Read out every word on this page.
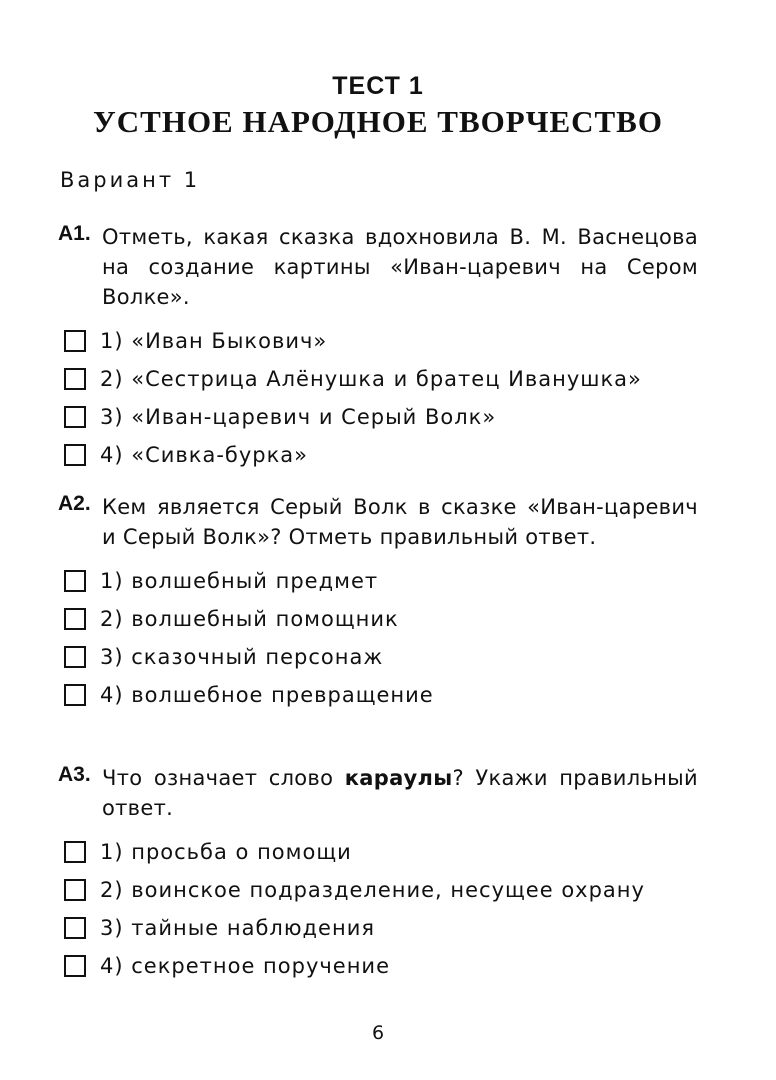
ТЕСТ 1
УСТНОЕ НАРОДНОЕ ТВОРЧЕСТВО
Вариант 1
А1. Отметь, какая сказка вдохновила В. М. Васнецова на создание картины «Иван-царевич на Сером Волке».
1) «Иван Быкович»
2) «Сестрица Алёнушка и братец Иванушка»
3) «Иван-царевич и Серый Волк»
4) «Сивка-бурка»
А2. Кем является Серый Волк в сказке «Иван-царевич и Серый Волк»? Отметь правильный ответ.
1) волшебный предмет
2) волшебный помощник
3) сказочный персонаж
4) волшебное превращение
А3. Что означает слово караулы? Укажи правильный ответ.
1) просьба о помощи
2) воинское подразделение, несущее охрану
3) тайные наблюдения
4) секретное поручение
6
